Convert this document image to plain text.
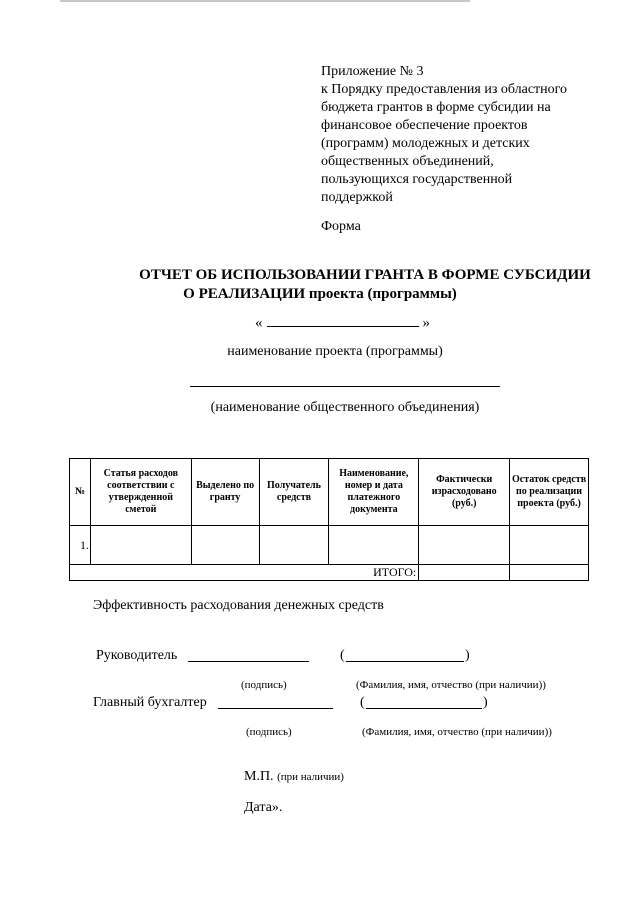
Приложение № 3
к Порядку предоставления из областного
бюджета грантов в форме субсидии на
финансовое обеспечение проектов
(программ) молодежных и детских
общественных объединений,
пользующихся государственной
поддержкой
Форма
ОТЧЕТ ОБ ИСПОЛЬЗОВАНИИ ГРАНТА В ФОРМЕ СУБСИДИИ
О РЕАЛИЗАЦИИ проекта (программы)
«	»
наименование проекта (программы)
(наименование общественного объединения)
№	Статья расходов соответствии с утвержденной сметой	Выделено по гранту	Получатель средств	Наименование, номер и дата платежного документа	Фактически израсходовано (руб.)	Остаток средств по реализации проекта (руб.)
1.						
ИТОГО:						
Эффективность расходования денежных средств
Руководитель	(	)
(подпись)	(Фамилия, имя, отчество (при наличии))
Главный бухгалтер	(	)
(подпись)	(Фамилия, имя, отчество (при наличии))
М.П. (при наличии)
Дата».
